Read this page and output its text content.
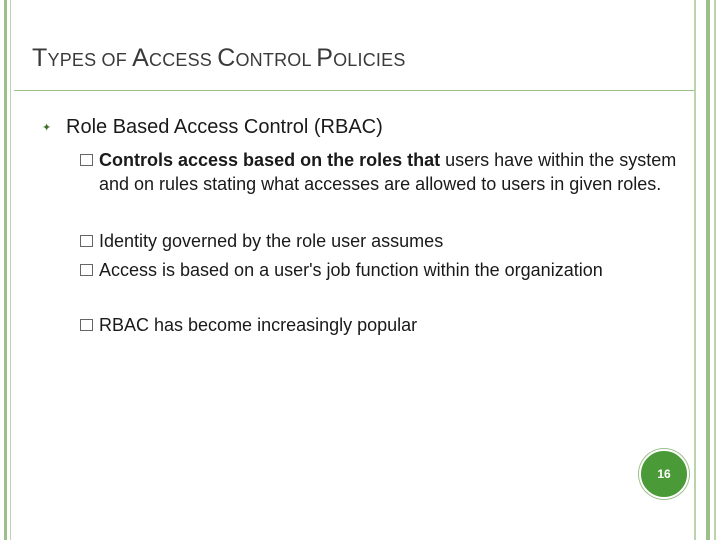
TYPES OF ACCESS CONTROL POLICIES
✦ Role Based Access Control (RBAC)
Controls access based on the roles that users have within the system and on rules stating what accesses are allowed to users in given roles.
Identity governed by the role user assumes
Access is based on a user's job function within the organization
RBAC has become increasingly popular
16
